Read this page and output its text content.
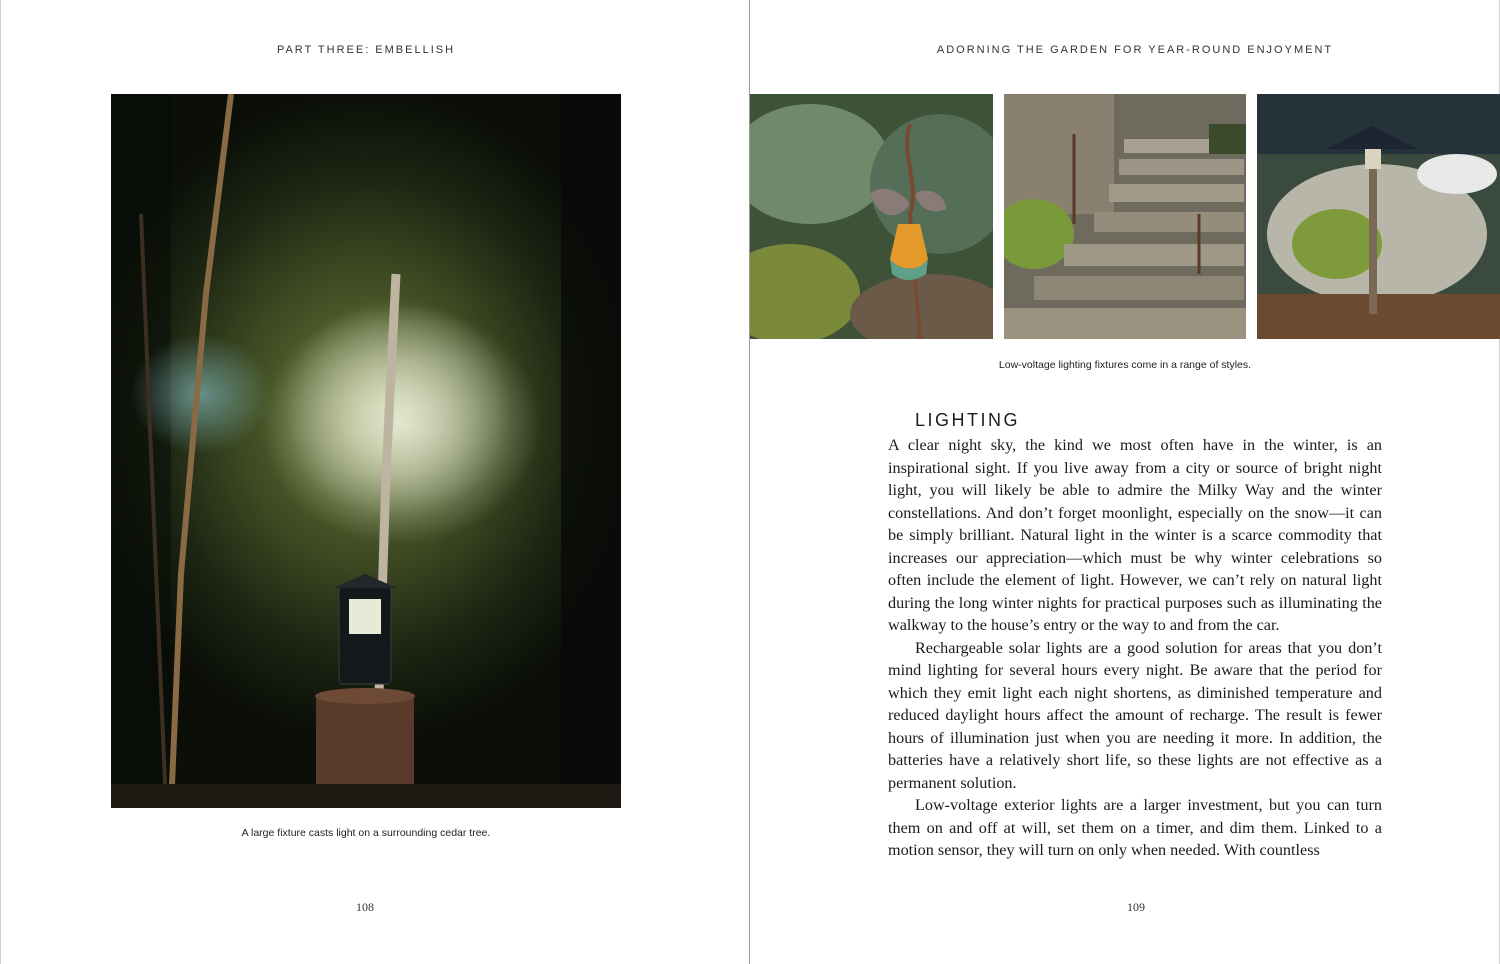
PART THREE: EMBELLISH
A large fixture casts light on a surrounding cedar tree.
108
ADORNING THE GARDEN FOR YEAR-ROUND ENJOYMENT
Low-voltage lighting fixtures come in a range of styles.
LIGHTING

A clear night sky, the kind we most often have in the winter, is an inspirational sight. If you live away from a city or source of bright night light, you will likely be able to admire the Milky Way and the winter constellations. And don’t forget moonlight, especially on the snow—it can be simply brilliant. Natural light in the winter is a scarce commodity that increases our appreciation—which must be why winter celebrations so often include the element of light. However, we can’t rely on natural light during the long winter nights for practical purposes such as illuminating the walkway to the house’s entry or the way to and from the car.

Rechargeable solar lights are a good solution for areas that you don’t mind lighting for several hours every night. Be aware that the period for which they emit light each night shortens, as diminished temperature and reduced daylight hours affect the amount of recharge. The result is fewer hours of illumination just when you are needing it more. In addition, the batteries have a relatively short life, so these lights are not effective as a permanent solution.

Low-voltage exterior lights are a larger investment, but you can turn them on and off at will, set them on a timer, and dim them. Linked to a motion sensor, they will turn on only when needed. With countless

109
